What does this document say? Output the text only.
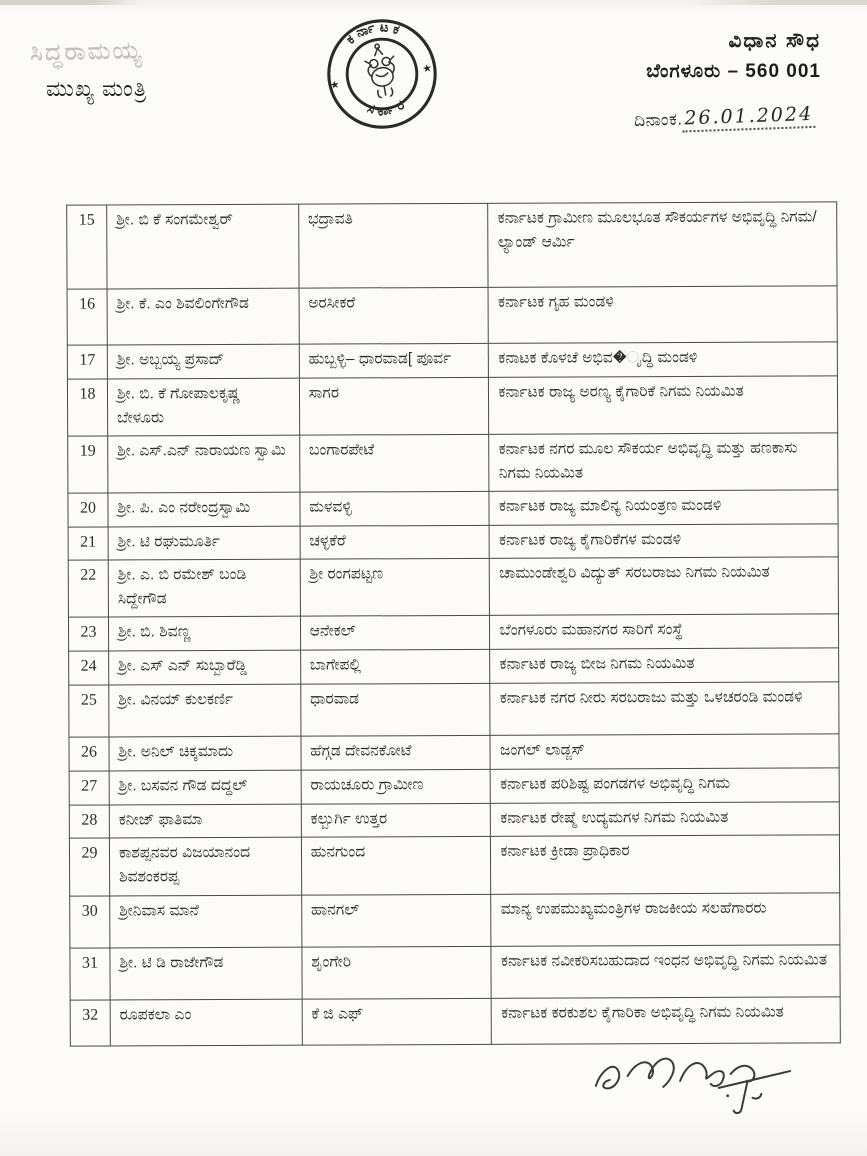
ಸಿದ್ಧರಾಮಯ್ಯ
ಮುಖ್ಯ ಮಂತ್ರಿ
ಕರ್ನಾಟಕ
ಸರ್ಕಾರ
★
★
ವಿಧಾನ ಸೌಧ
ಬೆಂಗಳೂರು – 560 001
ದಿನಾಂಕ.26.01.2024
15	ಶ್ರೀ. ಬಿ ಕೆ ಸಂಗಮೇಶ್ವರ್	ಭದ್ರಾವತಿ	ಕರ್ನಾಟಕ ಗ್ರಾಮೀಣ ಮೂಲಭೂತ ಸೌಕರ್ಯಗಳ ಅಭಿವೃದ್ಧಿ ನಿಗಮ/ಲ್ಯಾಂಡ್ ಆರ್ಮಿ
16	ಶ್ರೀ. ಕೆ. ಎಂ ಶಿವಲಿಂಗೇಗೌಡ	ಅರಸೀಕರೆ	ಕರ್ನಾಟಕ ಗೃಹ ಮಂಡಳಿ
17	ಶ್ರೀ. ಅಬ್ಬಯ್ಯ ಪ್ರಸಾದ್	ಹುಬ್ಬಳ್ಳಿ– ಧಾರವಾಡ[ ಪೂರ್ವ	ಕನಾಟಕ ಕೊಳಚೆ ಅಭಿವ�ೃದ್ಧಿ ಮಂಡಳಿ
18	ಶ್ರೀ. ಬಿ. ಕೆ ಗೋಪಾಲಕೃಷ್ಣ ಬೇಳೂರು	ಸಾಗರ	ಕರ್ನಾಟಕ ರಾಜ್ಯ ಅರಣ್ಯ ಕೈಗಾರಿಕೆ ನಿಗಮ ನಿಯಮಿತ
19	ಶ್ರೀ. ಎಸ್.ಎನ್ ನಾರಾಯಣ ಸ್ವಾಮಿ	ಬಂಗಾರಪೇಟೆ	ಕರ್ನಾಟಕ ನಗರ ಮೂಲ ಸೌಕರ್ಯ ಅಭಿವೃದ್ಧಿ ಮತ್ತು ಹಣಕಾಸು ನಿಗಮ ನಿಯಮಿತ
20	ಶ್ರೀ. ಪಿ. ಎಂ ನರೇಂದ್ರಸ್ವಾಮಿ	ಮಳವಳ್ಳಿ	ಕರ್ನಾಟಕ ರಾಜ್ಯ ಮಾಲಿನ್ಯ ನಿಯಂತ್ರಣ ಮಂಡಳಿ
21	ಶ್ರೀ. ಟಿ ರಘುಮೂರ್ತಿ	ಚಳ್ಳಕೆರೆ	ಕರ್ನಾಟಕ ರಾಜ್ಯ ಕೈಗಾರಿಕೆಗಳ ಮಂಡಳಿ
22	ಶ್ರೀ. ಎ. ಬಿ ರಮೇಶ್ ಬಂಡಿ ಸಿದ್ದೇಗೌಡ	ಶ್ರೀ ರಂಗಪಟ್ಟಣ	ಚಾಮುಂಡೇಶ್ವರಿ ವಿದ್ಯುತ್ ಸರಬರಾಜು ನಿಗಮ ನಿಯಮಿತ
23	ಶ್ರೀ. ಬಿ. ಶಿವಣ್ಣ	ಆನೇಕಲ್	ಬೆಂಗಳೂರು ಮಹಾನಗರ ಸಾರಿಗೆ ಸಂಸ್ಥೆ
24	ಶ್ರೀ. ಎಸ್ ಎನ್ ಸುಬ್ಬಾರೆಡ್ಡಿ	ಬಾಗೇಪಲ್ಲಿ	ಕರ್ನಾಟಕ ರಾಜ್ಯ ಬೀಜ ನಿಗಮ ನಿಯಮಿತ
25	ಶ್ರೀ. ವಿನಯ್ ಕುಲಕರ್ಣಿ	ಧಾರವಾಡ	ಕರ್ನಾಟಕ ನಗರ ನೀರು ಸರಬರಾಜು ಮತ್ತು ಒಳಚರಂಡಿ ಮಂಡಳಿ
26	ಶ್ರೀ. ಅನಿಲ್ ಚಿಕ್ಕಮಾದು	ಹೆಗ್ಗಡ ದೇವನಕೋಟೆ	ಜಂಗಲ್ ಲಾಡ್ಜಸ್
27	ಶ್ರೀ. ಬಸವನ ಗೌಡ ದದ್ದಲ್	ರಾಯಚೂರು ಗ್ರಾಮೀಣ	ಕರ್ನಾಟಕ ಪರಿಶಿಷ್ಟ ಪಂಗಡಗಳ ಅಭಿವೃದ್ಧಿ ನಿಗಮ
28	ಕನೀಜ್ ಫಾತಿಮಾ	ಕಲ್ಬುರ್ಗಿ ಉತ್ತರ	ಕರ್ನಾಟಕ ರೇಷ್ಮೆ ಉದ್ಯಮಗಳ ನಿಗಮ ನಿಯಮಿತ
29	ಕಾಶಪ್ಪನವರ ವಿಜಯಾನಂದ ಶಿವಶಂಕರಪ್ಪ	ಹುನಗುಂದ	ಕರ್ನಾಟಕ ಕ್ರೀಡಾ ಪ್ರಾಧಿಕಾರ
30	ಶ್ರೀನಿವಾಸ ಮಾನೆ	ಹಾನಗಲ್	ಮಾನ್ಯ ಉಪಮುಖ್ಯಮಂತ್ರಿಗಳ ರಾಜಕೀಯ ಸಲಹೆಗಾರರು
31	ಶ್ರೀ. ಟಿ ಡಿ ರಾಜೇಗೌಡ	ಶೃಂಗೇರಿ	ಕರ್ನಾಟಕ ನವೀಕರಿಸಬಹುದಾದ ಇಂಧನ ಅಭಿವೃದ್ಧಿ ನಿಗಮ ನಿಯಮಿತ
32	ರೂಪಕಲಾ ಎಂ	ಕೆ ಜಿ ಎಫ್	ಕರ್ನಾಟಕ ಕರಕುಶಲ ಕೈಗಾರಿಕಾ ಅಭಿವೃದ್ಧಿ ನಿಗಮ ನಿಯಮಿತ
